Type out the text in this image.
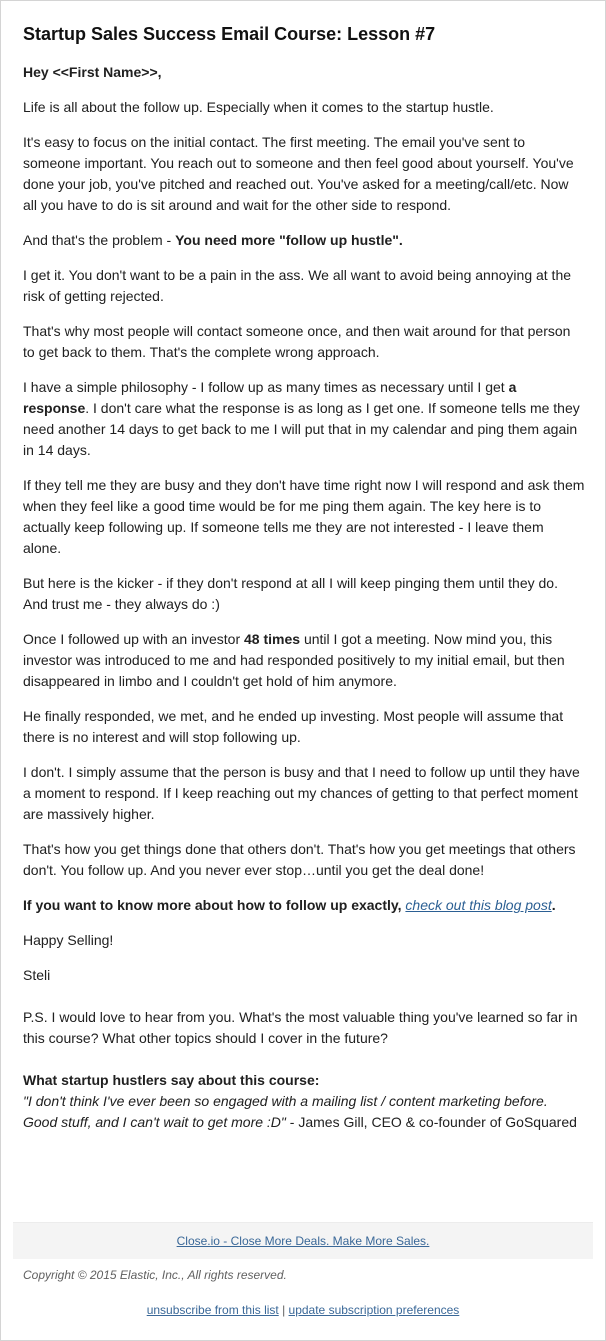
Startup Sales Success Email Course: Lesson #7

Hey <<First Name>>,

Life is all about the follow up. Especially when it comes to the startup hustle.

It's easy to focus on the initial contact. The first meeting. The email you've sent to someone important. You reach out to someone and then feel good about yourself. You've done your job, you've pitched and reached out. You've asked for a meeting/call/etc. Now all you have to do is sit around and wait for the other side to respond.

And that's the problem - You need more "follow up hustle".

I get it. You don't want to be a pain in the ass. We all want to avoid being annoying at the risk of getting rejected.

That's why most people will contact someone once, and then wait around for that person to get back to them. That's the complete wrong approach.

I have a simple philosophy - I follow up as many times as necessary until I get a response. I don't care what the response is as long as I get one. If someone tells me they need another 14 days to get back to me I will put that in my calendar and ping them again in 14 days.

If they tell me they are busy and they don't have time right now I will respond and ask them when they feel like a good time would be for me ping them again. The key here is to actually keep following up. If someone tells me they are not interested - I leave them alone.

But here is the kicker - if they don't respond at all I will keep pinging them until they do. And trust me - they always do :)

Once I followed up with an investor 48 times until I got a meeting. Now mind you, this investor was introduced to me and had responded positively to my initial email, but then disappeared in limbo and I couldn't get hold of him anymore.

He finally responded, we met, and he ended up investing. Most people will assume that there is no interest and will stop following up.

I don't. I simply assume that the person is busy and that I need to follow up until they have a moment to respond. If I keep reaching out my chances of getting to that perfect moment are massively higher.

That's how you get things done that others don't. That's how you get meetings that others don't. You follow up. And you never ever stop…until you get the deal done!

If you want to know more about how to follow up exactly, check out this blog post.

Happy Selling!

Steli

P.S. I would love to hear from you. What's the most valuable thing you've learned so far in this course? What other topics should I cover in the future?

What startup hustlers say about this course:
"I don't think I've ever been so engaged with a mailing list / content marketing before. Good stuff, and I can't wait to get more :D" - James Gill, CEO & co-founder of GoSquared
Close.io - Close More Deals. Make More Sales.
Copyright © 2015 Elastic, Inc., All rights reserved.
unsubscribe from this list | update subscription preferences
